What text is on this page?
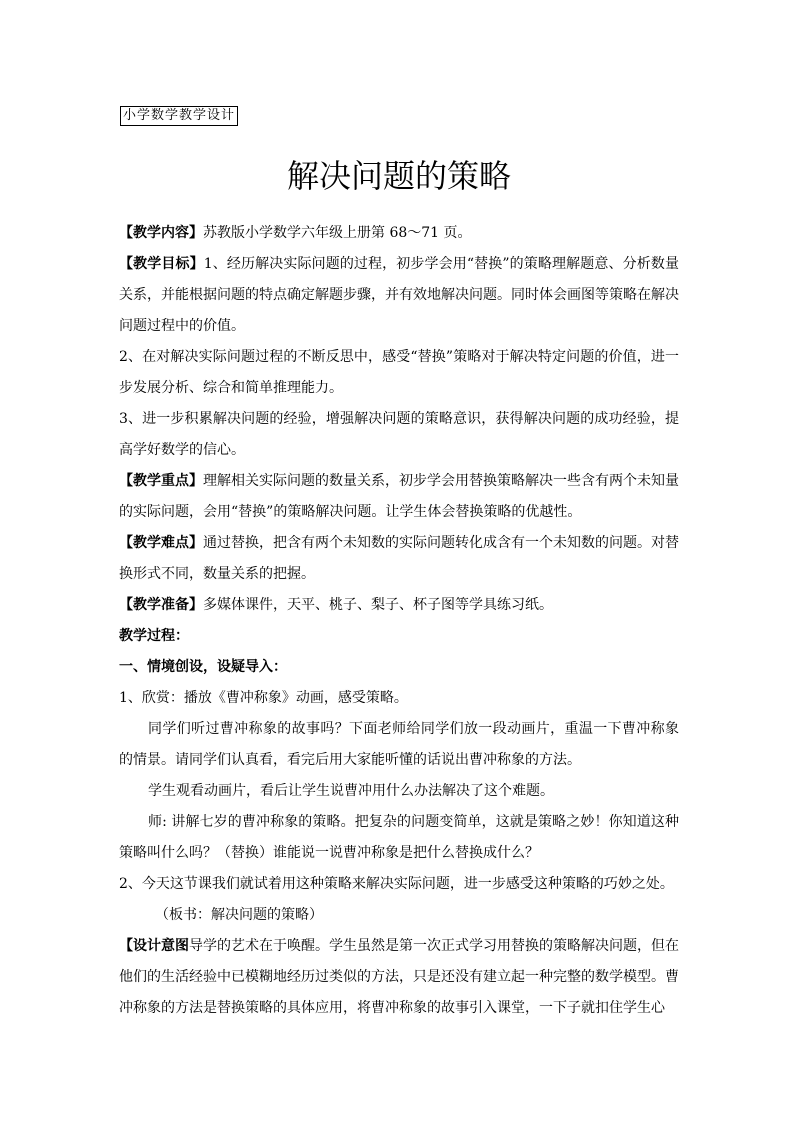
小学数学教学设计
解决问题的策略

【教学内容】苏教版小学数学六年级上册第 68～71 页。

【教学目标】1、经历解决实际问题的过程，初步学会用“替换”的策略理解题意、分析数量关系，并能根据问题的特点确定解题步骤，并有效地解决问题。同时体会画图等策略在解决问题过程中的价值。

2、在对解决实际问题过程的不断反思中，感受“替换”策略对于解决特定问题的价值，进一步发展分析、综合和简单推理能力。

3、进一步积累解决问题的经验，增强解决问题的策略意识，获得解决问题的成功经验，提高学好数学的信心。

【教学重点】理解相关实际问题的数量关系，初步学会用替换策略解决一些含有两个未知量的实际问题，会用“替换”的策略解决问题。让学生体会替换策略的优越性。

【教学难点】通过替换，把含有两个未知数的实际问题转化成含有一个未知数的问题。对替换形式不同，数量关系的把握。

【教学准备】多媒体课件，天平、桃子、梨子、杯子图等学具练习纸。

教学过程：

一、情境创设，设疑导入：

1、欣赏：播放《曹冲称象》动画，感受策略。

同学们听过曹冲称象的故事吗？下面老师给同学们放一段动画片，重温一下曹冲称象的情景。请同学们认真看，看完后用大家能听懂的话说出曹冲称象的方法。

学生观看动画片，看后让学生说曹冲用什么办法解决了这个难题。

师: 讲解七岁的曹冲称象的策略。把复杂的问题变简单，这就是策略之妙！你知道这种策略叫什么吗？（替换）谁能说一说曹冲称象是把什么替换成什么？

2、今天这节课我们就试着用这种策略来解决实际问题，进一步感受这种策略的巧妙之处。

（板书：解决问题的策略）

【设计意图导学的艺术在于唤醒。学生虽然是第一次正式学习用替换的策略解决问题，但在他们的生活经验中已模糊地经历过类似的方法，只是还没有建立起一种完整的数学模型。曹冲称象的方法是替换策略的具体应用，将曹冲称象的故事引入课堂，一下子就扣住学生心
